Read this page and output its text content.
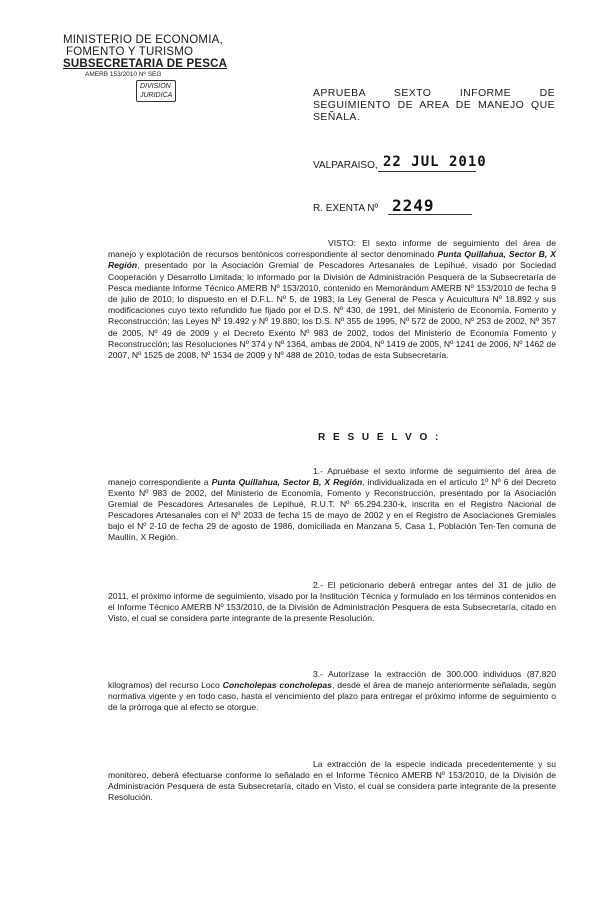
MINISTERIO DE ECONOMIA,
FOMENTO Y TURISMO
SUBSECRETARIA DE PESCA
AMERB 153/2010 Nº SEG
DIVISION
JURIDICA	APRUEBA SEXTO INFORME DE
SEGUIMIENTO DE AREA DE MANEJO QUE
SEÑALA.
VALPARAISO, 22 JUL 2010
R. EXENTA Nº 2249

VISTO: El sexto informe de seguimiento del área de manejo y explotación de recursos bentónicos correspondiente al sector denominado Punta Quillahua, Sector B, X Región, presentado por la Asociación Gremial de Pescadores Artesanales de Lepihué, visado por Sociedad Cooperación y Desarrollo Limitada; lo informado por la División de Administración Pesquera de la Subsecretaría de Pesca mediante Informe Técnico AMERB Nº 153/2010, contenido en Memorándum AMERB Nº 153/2010 de fecha 9 de julio de 2010; lo dispuesto en el D.F.L. Nº 5, de 1983; la Ley General de Pesca y Acuicultura Nº 18.892 y sus modificaciones cuyo texto refundido fue fijado por el D.S. Nº 430, de 1991, del Ministerio de Economía, Fomento y Reconstrucción; las Leyes Nº 19.492 y Nº 19.880; los D.S. Nº 355 de 1995, Nº 572 de 2000, Nº 253 de 2002, Nº 357 de 2005, Nº 49 de 2009 y el Decreto Exento Nº 983 de 2002, todos del Ministerio de Economía Fomento y Reconstrucción; las Resoluciones Nº 374 y Nº 1364, ambas de 2004, Nº 1419 de 2005, Nº 1241 de 2006, Nº 1462 de 2007, Nº 1525 de 2008, Nº 1534 de 2009 y Nº 488 de 2010, todas de esta Subsecretaría.

R E S U E L V O :

1.- Apruébase el sexto informe de seguimiento del área de manejo correspondiente a Punta Quillahua, Sector B, X Región, individualizada en el artículo 1º Nº 6 del Decreto Exento Nº 983 de 2002, del Ministerio de Economía, Fomento y Reconstrucción, presentado por la Asociación Gremial de Pescadores Artesanales de Lepihué, R.U.T. Nº 65.294.230-k, inscrita en el Registro Nacional de Pescadores Artesanales con el Nº 2033 de fecha 15 de mayo de 2002 y en el Registro de Asociaciones Gremiales bajo el Nº 2-10 de fecha 29 de agosto de 1986, domiciliada en Manzana 5, Casa 1, Población Ten-Ten comuna de Maullín, X Región.

2.- El peticionario deberá entregar antes del 31 de julio de 2011, el próximo informe de seguimiento, visado por la Institución Técnica y formulado en los términos contenidos en el Informe Técnico AMERB Nº 153/2010, de la División de Administración Pesquera de esta Subsecretaría, citado en Visto, el cual se considera parte integrante de la presente Resolución.

3.- Autorízase la extracción de 300.000 individuos (87.820 kilogramos) del recurso Loco Concholepas concholepas, desde el área de manejo anteriormente señalada, según normativa vigente y en todo caso, hasta el vencimiento del plazo para entregar el próximo informe de seguimiento o de la prórroga que al efecto se otorgue.

La extracción de la especie indicada precedentemente y su monitoreo, deberá efectuarse conforme lo señalado en el Informe Técnico AMERB Nº 153/2010, de la División de Administración Pesquera de esta Subsecretaría, citado en Visto, el cual se considera parte integrante de la presente Resolución.
